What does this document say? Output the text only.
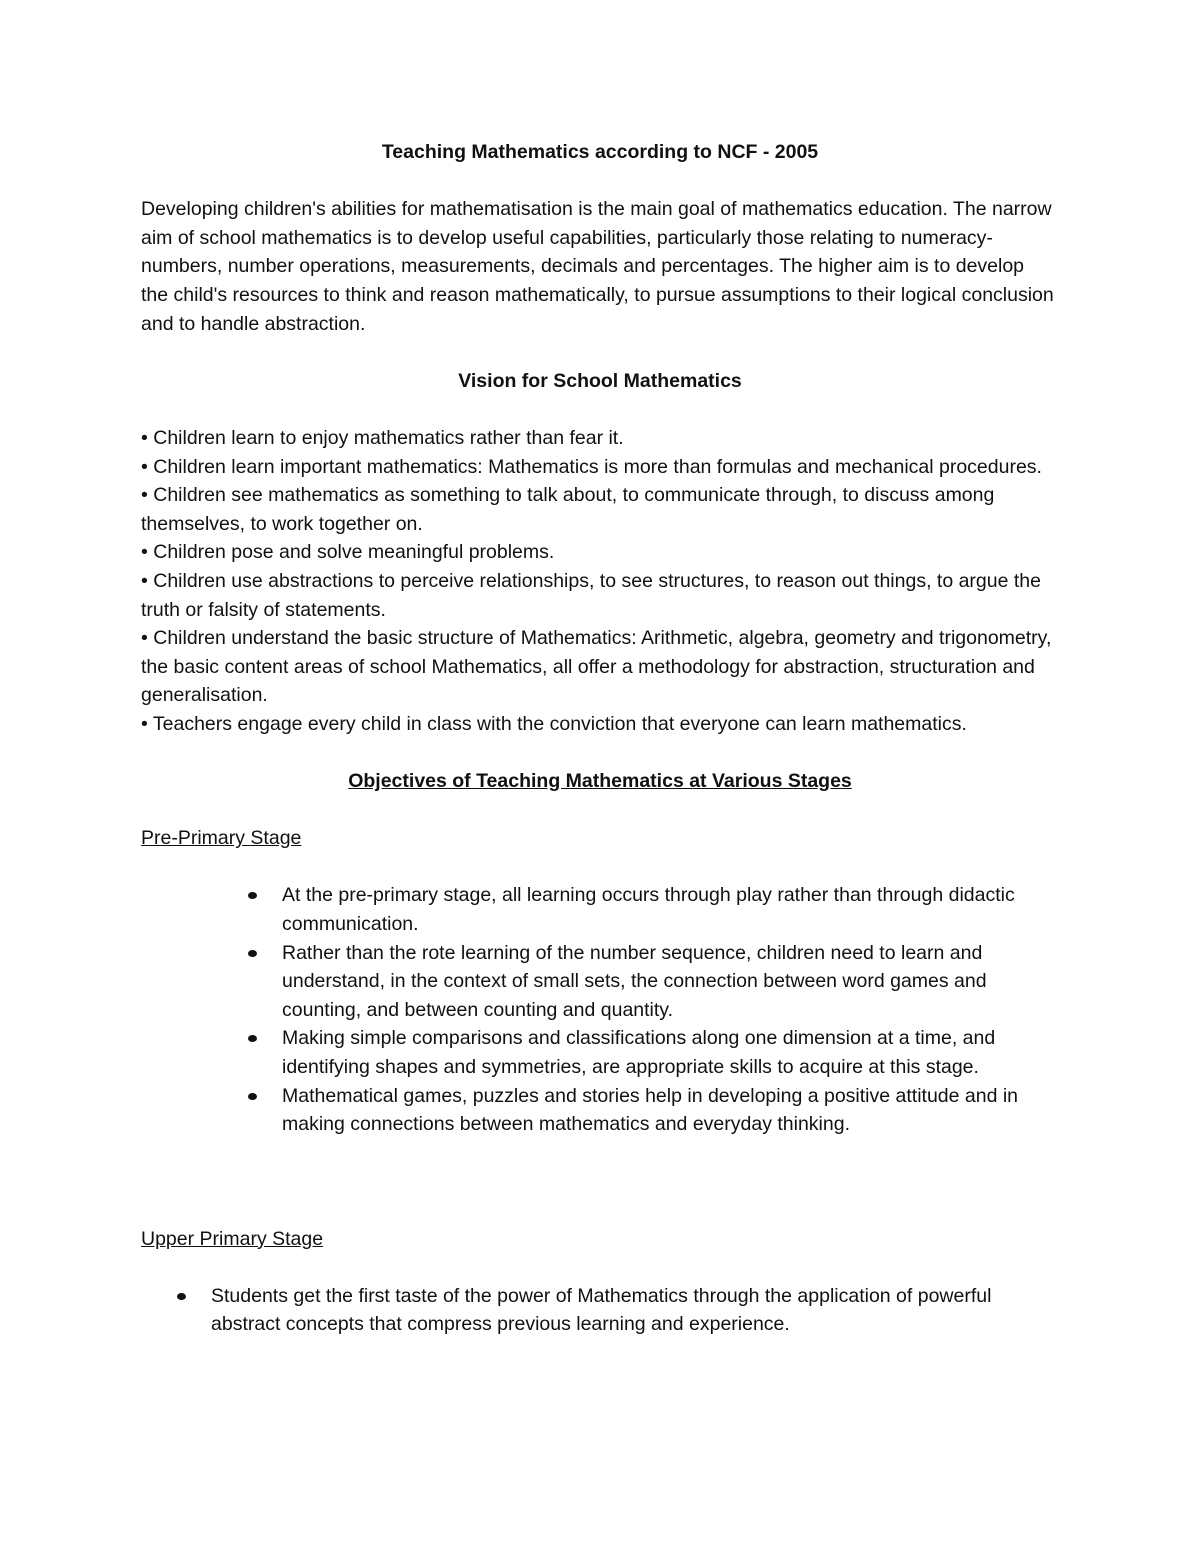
Teaching Mathematics according to NCF - 2005

Developing children's abilities for mathematisation is the main goal of mathematics education. The narrow aim of school mathematics is to develop useful capabilities, particularly those relating to numeracy-numbers, number operations, measurements, decimals and percentages. The higher aim is to develop the child's resources to think and reason mathematically, to pursue assumptions to their logical conclusion and to handle abstraction.

Vision for School Mathematics

• Children learn to enjoy mathematics rather than fear it.

• Children learn important mathematics: Mathematics is more than formulas and mechanical procedures.

• Children see mathematics as something to talk about, to communicate through, to discuss among themselves, to work together on.

• Children pose and solve meaningful problems.

• Children use abstractions to perceive relationships, to see structures, to reason out things, to argue the truth or falsity of statements.

• Children understand the basic structure of Mathematics: Arithmetic, algebra, geometry and trigonometry, the basic content areas of school Mathematics, all offer a methodology for abstraction, structuration and generalisation.

• Teachers engage every child in class with the conviction that everyone can learn mathematics.

Objectives of Teaching Mathematics at Various Stages

Pre-Primary Stage

At the pre-primary stage, all learning occurs through play rather than through didactic communication.
Rather than the rote learning of the number sequence, children need to learn and understand, in the context of small sets, the connection between word games and counting, and between counting and quantity.
Making simple comparisons and classifications along one dimension at a time, and identifying shapes and symmetries, are appropriate skills to acquire at this stage.
Mathematical games, puzzles and stories help in developing a positive attitude and in making connections between mathematics and everyday thinking.

Upper Primary Stage

Students get the first taste of the power of Mathematics through the application of powerful abstract concepts that compress previous learning and experience.
